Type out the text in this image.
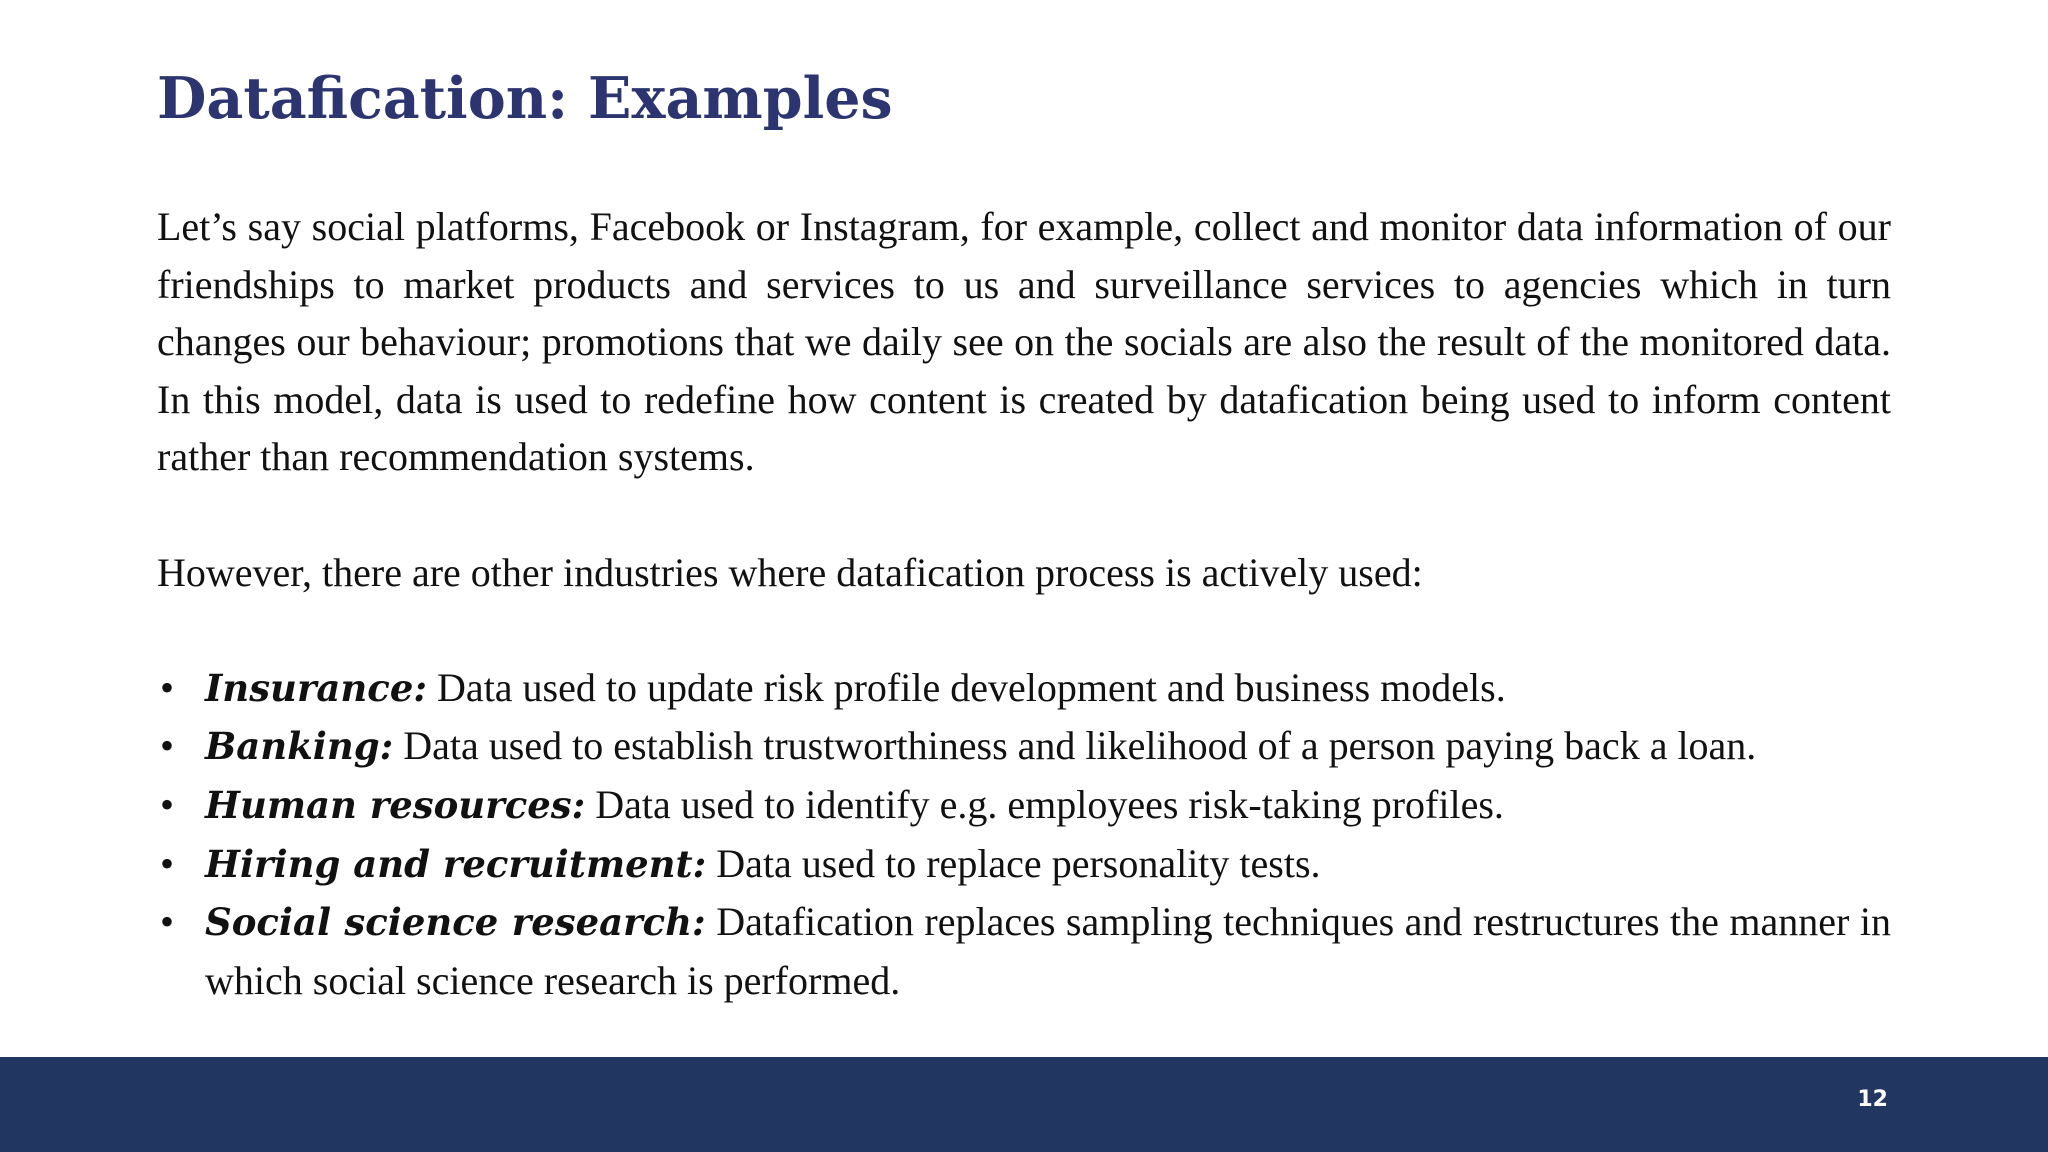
Datafication: Examples

Let’s say social platforms, Facebook or Instagram, for example, collect and monitor data information of our friendships to market products and services to us and surveillance services to agencies which in turn changes our behaviour; promotions that we daily see on the socials are also the result of the monitored data. In this model, data is used to redefine how content is created by datafication being used to inform content rather than recommendation systems.

However, there are other industries where datafication process is actively used:

• Insurance: Data used to update risk profile development and business models.
• Banking: Data used to establish trustworthiness and likelihood of a person paying back a loan.
• Human resources: Data used to identify e.g. employees risk-taking profiles.
• Hiring and recruitment: Data used to replace personality tests.
• Social science research: Datafication replaces sampling techniques and restructures the manner in which social science research is performed.
12
